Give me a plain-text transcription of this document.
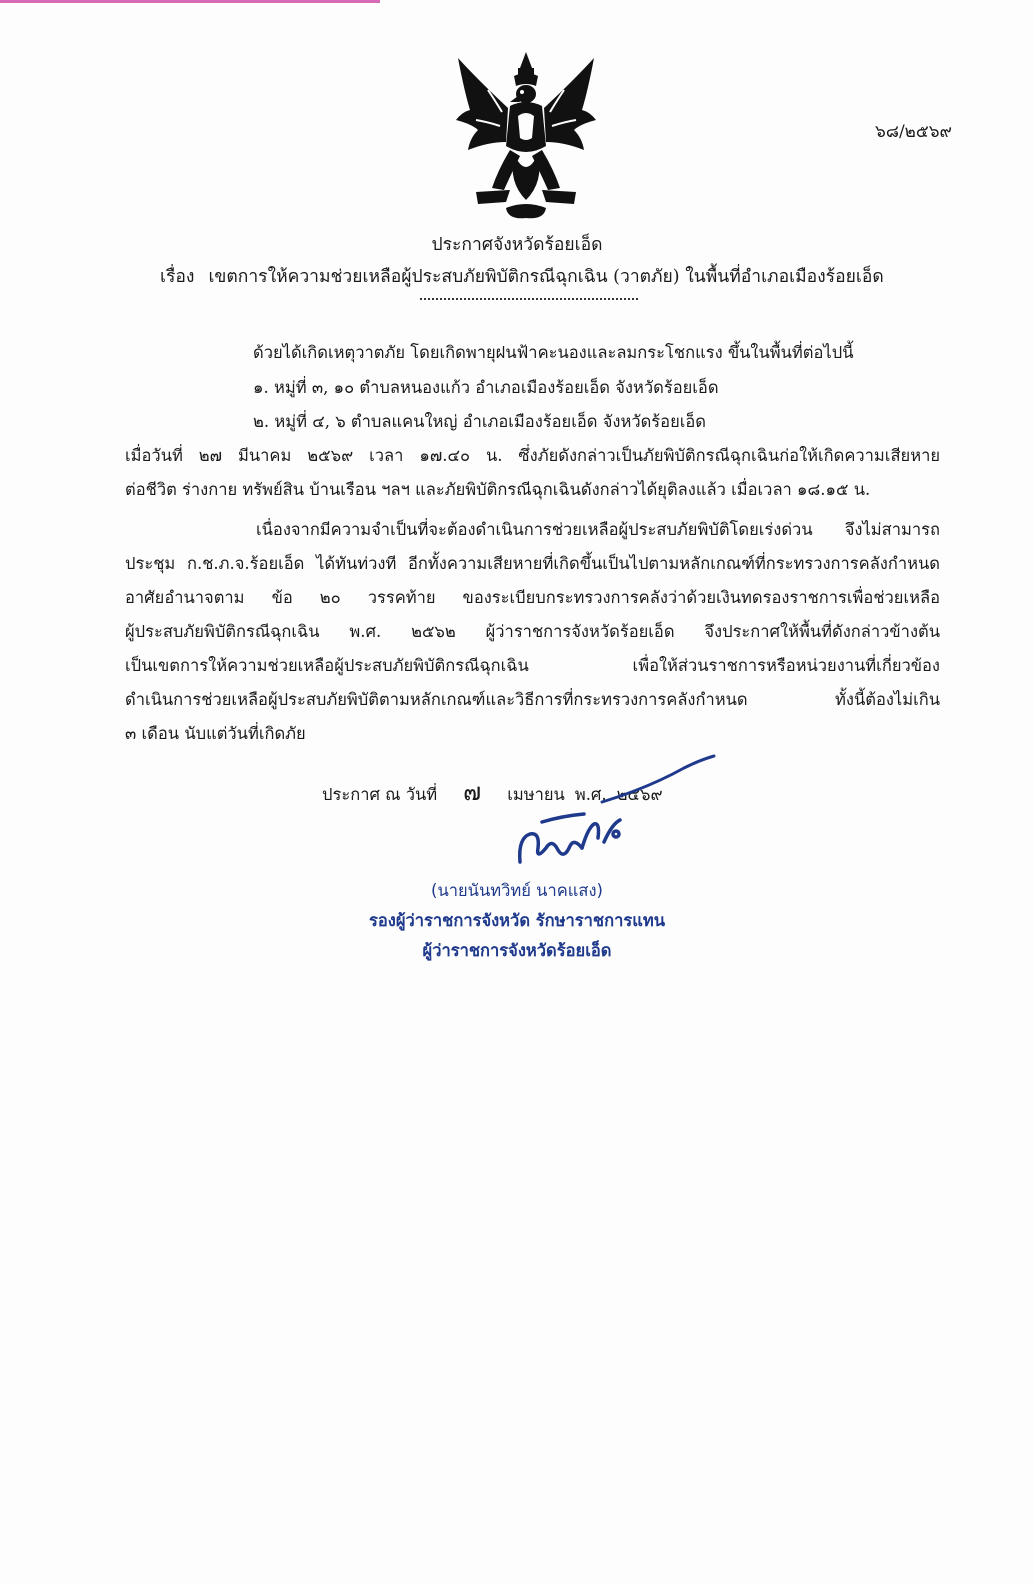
๖๘/๒๕๖๙
ประกาศจังหวัดร้อยเอ็ด
เรื่อง เขตการให้ความช่วยเหลือผู้ประสบภัยพิบัติกรณีฉุกเฉิน (วาตภัย) ในพื้นที่อำเภอเมืองร้อยเอ็ด
ด้วยได้เกิดเหตุวาตภัย โดยเกิดพายุฝนฟ้าคะนองและลมกระโชกแรง ขึ้นในพื้นที่ต่อไปนี้
๑. หมู่ที่ ๓, ๑๐ ตำบลหนองแก้ว อำเภอเมืองร้อยเอ็ด จังหวัดร้อยเอ็ด
๒. หมู่ที่ ๔, ๖ ตำบลแคนใหญ่ อำเภอเมืองร้อยเอ็ด จังหวัดร้อยเอ็ด
เมื่อวันที่ ๒๗ มีนาคม ๒๕๖๙ เวลา ๑๗.๔๐ น. ซึ่งภัยดังกล่าวเป็นภัยพิบัติกรณีฉุกเฉินก่อให้เกิดความเสียหาย
ต่อชีวิต ร่างกาย ทรัพย์สิน บ้านเรือน ฯลฯ และภัยพิบัติกรณีฉุกเฉินดังกล่าวได้ยุติลงแล้ว เมื่อเวลา ๑๘.๑๕ น.
เนื่องจากมีความจำเป็นที่จะต้องดำเนินการช่วยเหลือผู้ประสบภัยพิบัติโดยเร่งด่วน จึงไม่สามารถ
ประชุม ก.ช.ภ.จ.ร้อยเอ็ด ได้ทันท่วงที อีกทั้งความเสียหายที่เกิดขึ้นเป็นไปตามหลักเกณฑ์ที่กระทรวงการคลังกำหนด
อาศัยอำนาจตาม ข้อ ๒๐ วรรคท้าย ของระเบียบกระทรวงการคลังว่าด้วยเงินทดรองราชการเพื่อช่วยเหลือ
ผู้ประสบภัยพิบัติกรณีฉุกเฉิน พ.ศ. ๒๕๖๒ ผู้ว่าราชการจังหวัดร้อยเอ็ด จึงประกาศให้พื้นที่ดังกล่าวข้างต้น
เป็นเขตการให้ความช่วยเหลือผู้ประสบภัยพิบัติกรณีฉุกเฉิน เพื่อให้ส่วนราชการหรือหน่วยงานที่เกี่ยวข้อง
ดำเนินการช่วยเหลือผู้ประสบภัยพิบัติตามหลักเกณฑ์และวิธีการที่กระทรวงการคลังกำหนด ทั้งนี้ต้องไม่เกิน
๓ เดือน นับแต่วันที่เกิดภัย
ประกาศ ณ วันที่ ๗ เมษายน พ.ศ. ๒๕๖๙
(นายนันทวิทย์ นาคแสง)
รองผู้ว่าราชการจังหวัด รักษาราชการแทน
ผู้ว่าราชการจังหวัดร้อยเอ็ด
